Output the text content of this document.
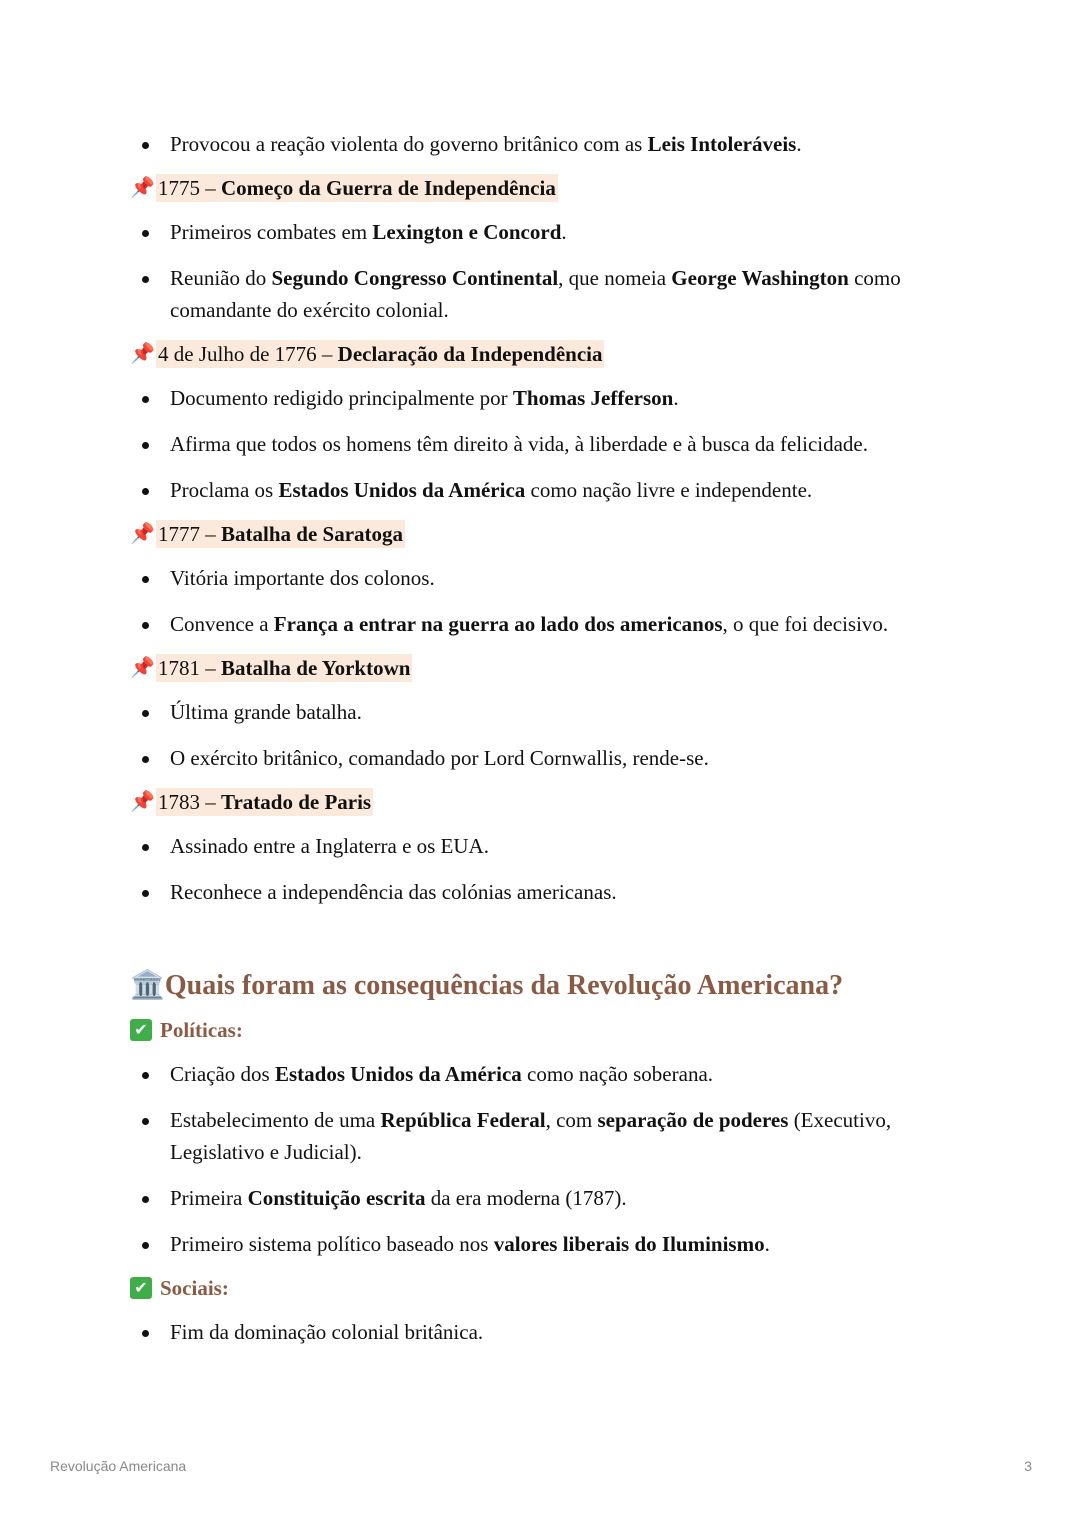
Provocou a reação violenta do governo britânico com as Leis Intoleráveis.
📌 1775 – Começo da Guerra de Independência
Primeiros combates em Lexington e Concord.
Reunião do Segundo Congresso Continental, que nomeia George Washington como comandante do exército colonial.
📌 4 de Julho de 1776 – Declaração da Independência
Documento redigido principalmente por Thomas Jefferson.
Afirma que todos os homens têm direito à vida, à liberdade e à busca da felicidade.
Proclama os Estados Unidos da América como nação livre e independente.
📌 1777 – Batalha de Saratoga
Vitória importante dos colonos.
Convence a França a entrar na guerra ao lado dos americanos, o que foi decisivo.
📌 1781 – Batalha de Yorktown
Última grande batalha.
O exército britânico, comandado por Lord Cornwallis, rende-se.
📌 1783 – Tratado de Paris
Assinado entre a Inglaterra e os EUA.
Reconhece a independência das colónias americanas.
🏛️ Quais foram as consequências da Revolução Americana?
✔ Políticas:
Criação dos Estados Unidos da América como nação soberana.
Estabelecimento de uma República Federal, com separação de poderes (Executivo, Legislativo e Judicial).
Primeira Constituição escrita da era moderna (1787).
Primeiro sistema político baseado nos valores liberais do Iluminismo.
✔ Sociais:
Fim da dominação colonial britânica.
Revolução Americana	3
